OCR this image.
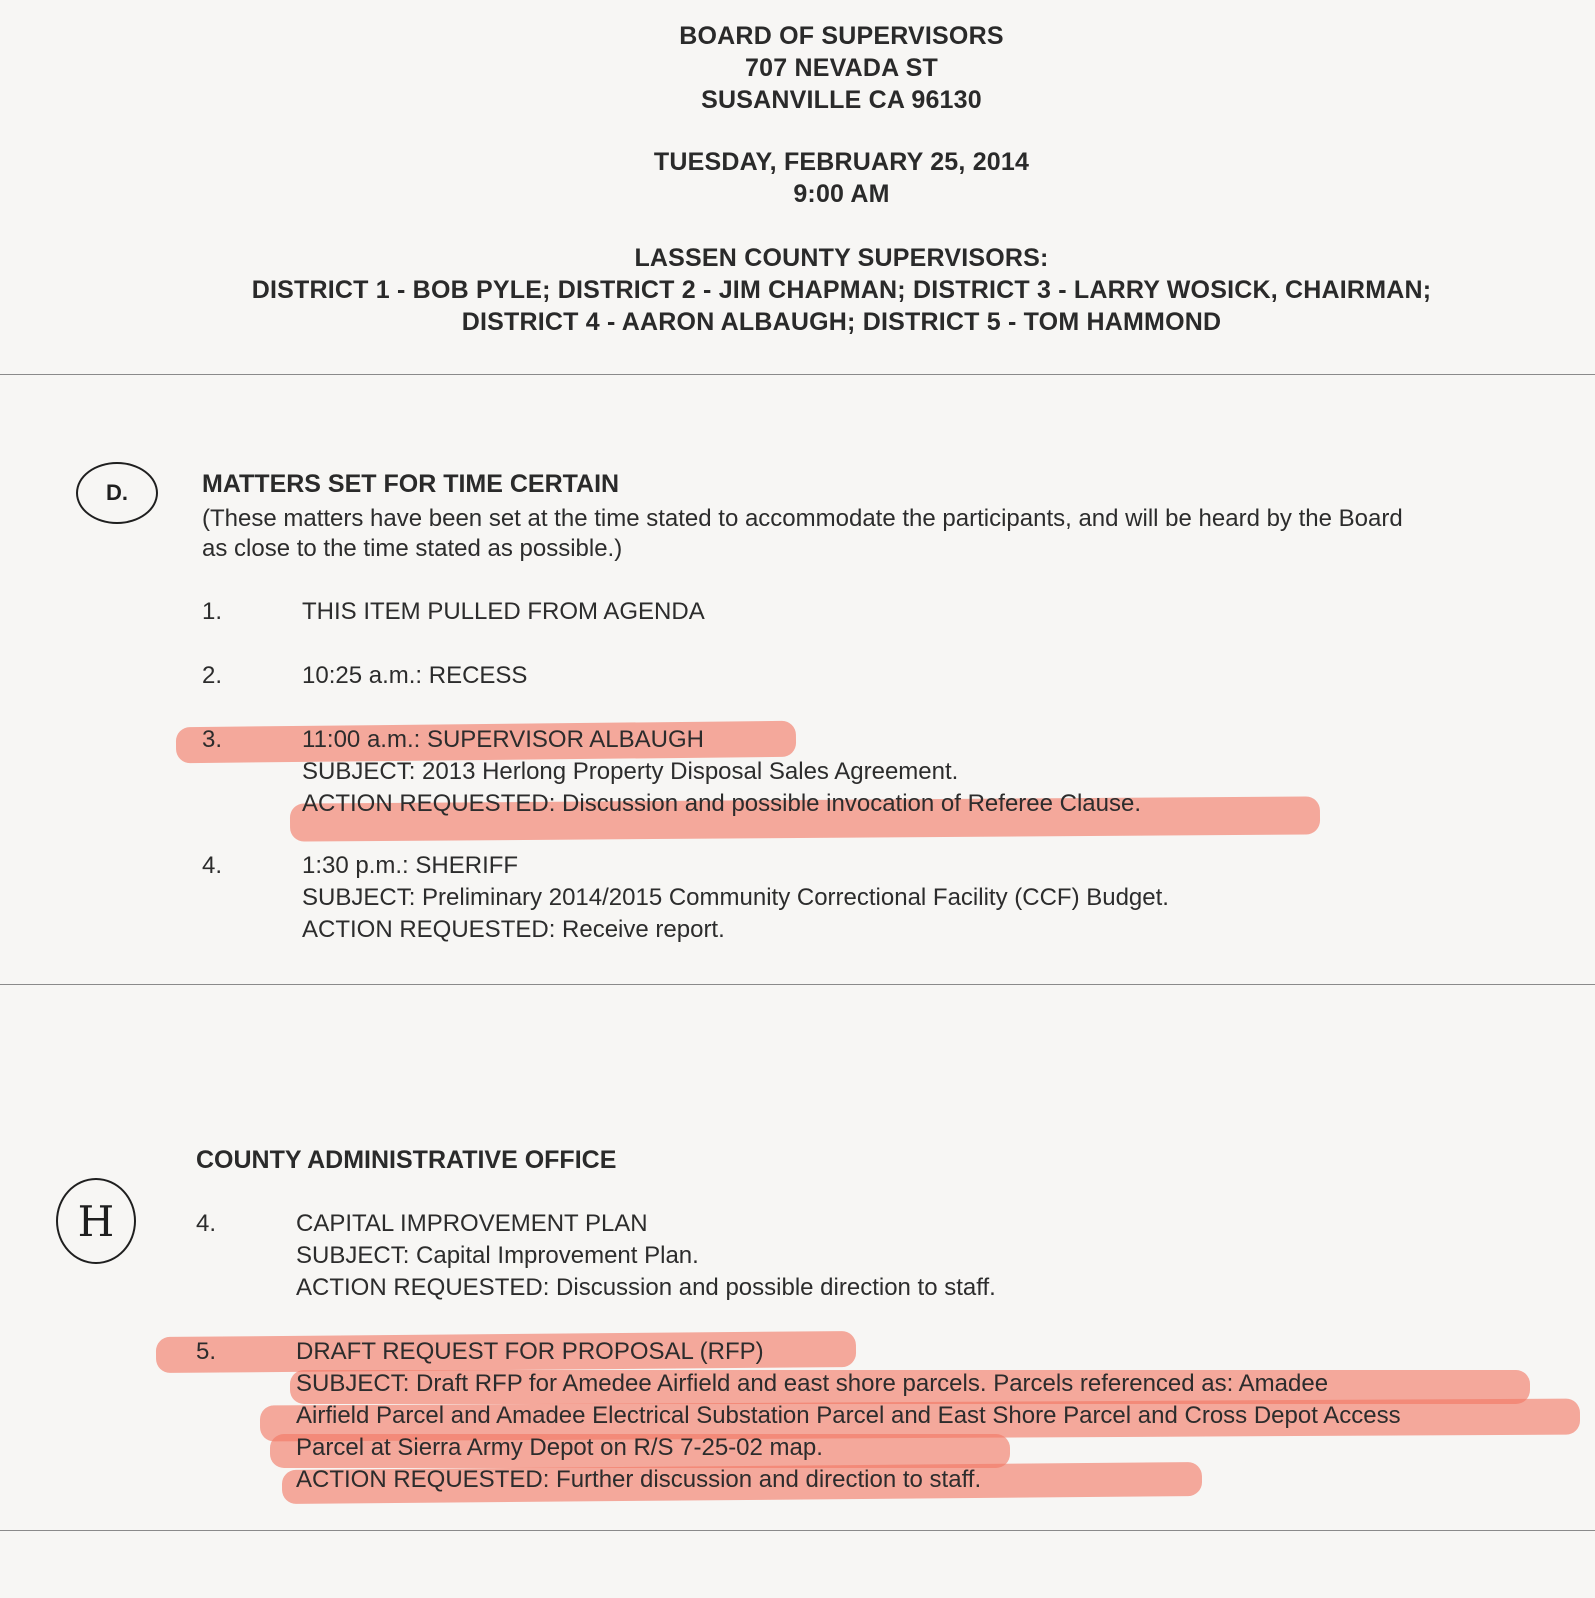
BOARD OF SUPERVISORS
707 NEVADA ST
SUSANVILLE CA 96130
TUESDAY, FEBRUARY 25, 2014
9:00 AM
LASSEN COUNTY SUPERVISORS:
DISTRICT 1 - BOB PYLE; DISTRICT 2 - JIM CHAPMAN; DISTRICT 3 - LARRY WOSICK, CHAIRMAN;
DISTRICT 4 - AARON ALBAUGH; DISTRICT 5 - TOM HAMMOND
D.	MATTERS SET FOR TIME CERTAIN
(These matters have been set at the time stated to accommodate the participants, and will be heard by the Board
as close to the time stated as possible.)
1.	THIS ITEM PULLED FROM AGENDA
2.	10:25 a.m.: RECESS
3.	11:00 a.m.: SUPERVISOR ALBAUGH
SUBJECT: 2013 Herlong Property Disposal Sales Agreement.
ACTION REQUESTED: Discussion and possible invocation of Referee Clause.
4.	1:30 p.m.: SHERIFF
SUBJECT: Preliminary 2014/2015 Community Correctional Facility (CCF) Budget.
ACTION REQUESTED: Receive report.
COUNTY ADMINISTRATIVE OFFICE
H	4.	CAPITAL IMPROVEMENT PLAN
SUBJECT: Capital Improvement Plan.
ACTION REQUESTED: Discussion and possible direction to staff.
5.	DRAFT REQUEST FOR PROPOSAL (RFP)
SUBJECT: Draft RFP for Amedee Airfield and east shore parcels. Parcels referenced as: Amadee
Airfield Parcel and Amadee Electrical Substation Parcel and East Shore Parcel and Cross Depot Access
Parcel at Sierra Army Depot on R/S 7-25-02 map.
ACTION REQUESTED: Further discussion and direction to staff.
